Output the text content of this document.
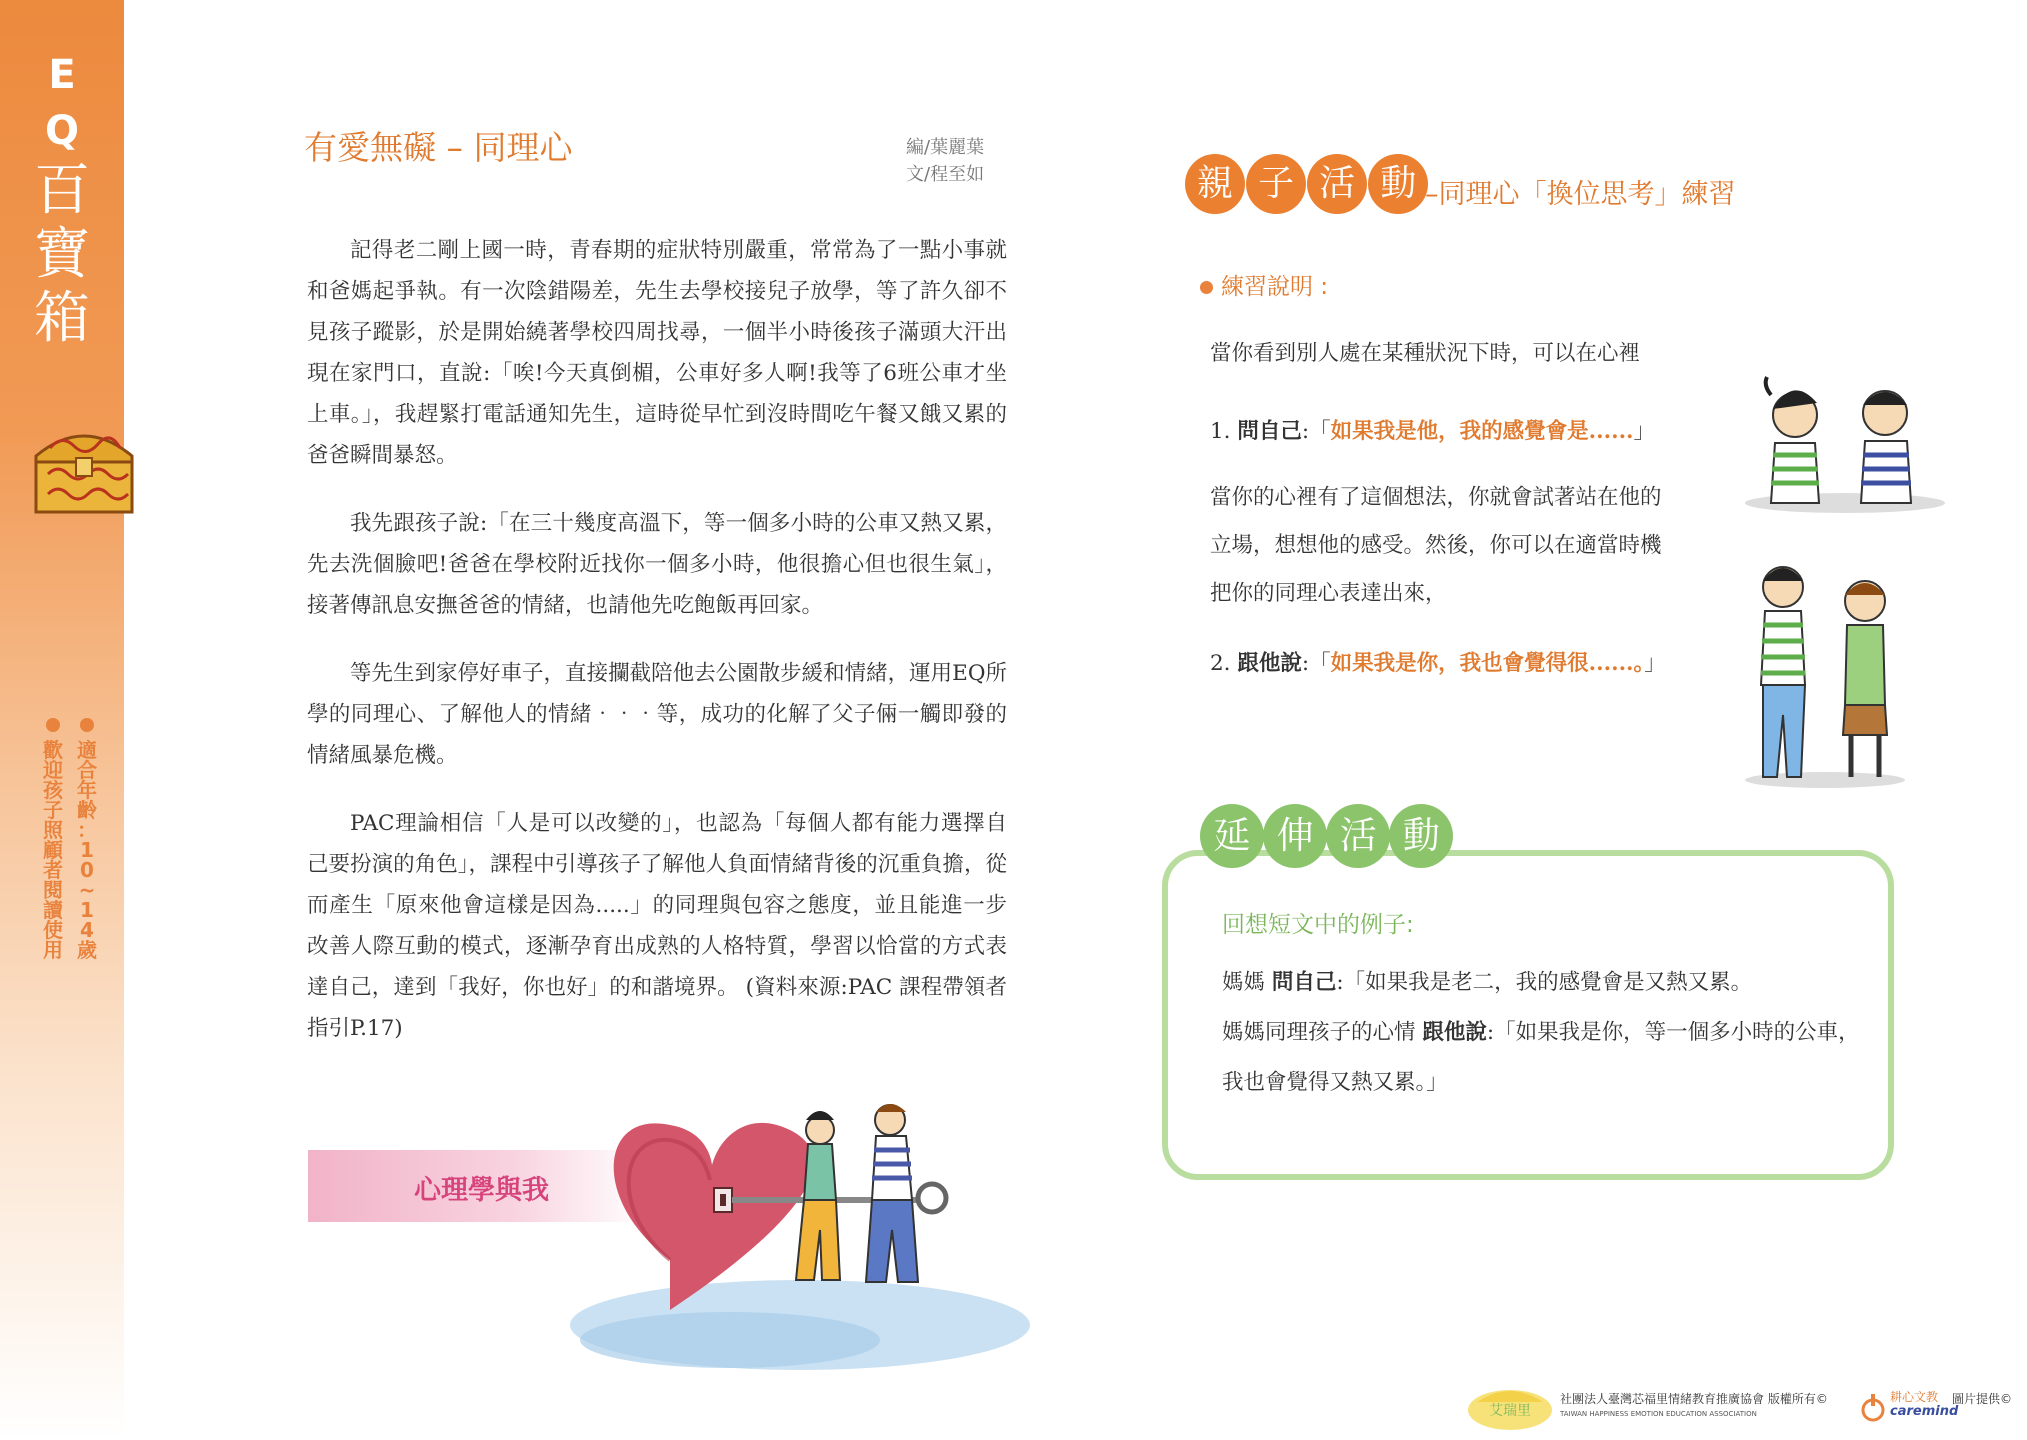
E
Q
百
寶
箱
適
合
年
齡
：
1
0
~
1
4
歲
歡
迎
孩
子
照
顧
者
閱
讀
使
用
有愛無礙 – 同理心	編/葉麗葉
文/程至如

記得老二剛上國一時，青春期的症狀特別嚴重，常常為了一點小事就和爸媽起爭執。有一次陰錯陽差，先生去學校接兒子放學，等了許久卻不見孩子蹤影，於是開始繞著學校四周找尋，一個半小時後孩子滿頭大汗出現在家門口，直說:「唉!今天真倒楣，公車好多人啊!我等了6班公車才坐上車。」，我趕緊打電話通知先生，這時從早忙到沒時間吃午餐又餓又累的爸爸瞬間暴怒。

我先跟孩子說:「在三十幾度高溫下，等一個多小時的公車又熱又累，先去洗個臉吧!爸爸在學校附近找你一個多小時，他很擔心但也很生氣」，接著傳訊息安撫爸爸的情緒，也請他先吃飽飯再回家。

等先生到家停好車子，直接攔截陪他去公園散步緩和情緒，運用EQ所學的同理心、了解他人的情緒‧‧‧等，成功的化解了父子倆一觸即發的情緒風暴危機。

PAC理論相信「人是可以改變的」，也認為「每個人都有能力選擇自己要扮演的角色」，課程中引導孩子了解他人負面情緒背後的沉重負擔，從而產生「原來他會這樣是因為.....」的同理與包容之態度，並且能進一步改善人際互動的模式，逐漸孕育出成熟的人格特質，學習以恰當的方式表達自己，達到「我好，你也好」的和諧境界。 (資料來源:PAC 課程帶領者指引P.17)

心理學與我
親 子 活 動 –同理心「換位思考」練習
練習說明 :
當你看到別人處在某種狀況下時，可以在心裡
1. 問自己:「如果我是他，我的感覺會是......」
當你的心裡有了這個想法，你就會試著站在他的立場，想想他的感受。然後，你可以在適當時機把你的同理心表達出來，
2. 跟他說:「如果我是你，我也會覺得很......。」
延 伸 活 動
回想短文中的例子:
媽媽 問自己:「如果我是老二，我的感覺會是又熱又累。
媽媽同理孩子的心情 跟他說:「如果我是你，等一個多小時的公車，我也會覺得又熱又累。」
艾瑞里
社團法人臺灣芯福里情緒教育推廣協會 版權所有©
TAIWAN HAPPINESS EMOTION EDUCATION ASSOCIATION
耕心文教
caremind
圖片提供©
